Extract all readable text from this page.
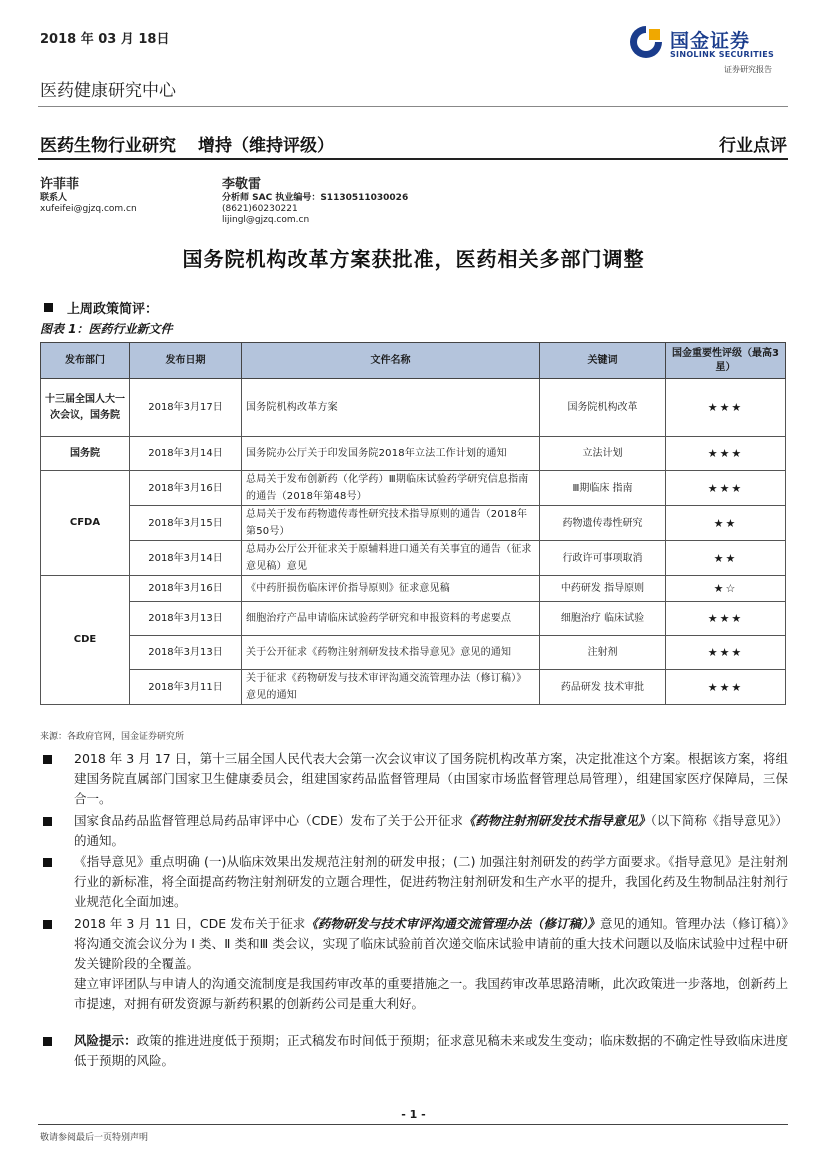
2018 年 03 月 18日	国金证券
SINOLINK SECURITIES
证券研究报告
医药健康研究中心
医药生物行业研究 增持（维持评级）	行业点评
许菲菲
联系人
xufeifei@gjzq.com.cn
李敬雷
分析师 SAC 执业编号：S1130511030026
(8621)60230221
lijingl@gjzq.com.cn
国务院机构改革方案获批准，医药相关多部门调整
上周政策简评：
图表 1：医药行业新文件
发布部门	发布日期	文件名称	关键词	国金重要性评级（最高3星）
十三届全国人大一次会议，国务院	2018年3月17日	国务院机构改革方案	国务院机构改革	★★★
国务院	2018年3月14日	国务院办公厅关于印发国务院2018年立法工作计划的通知	立法计划	★★★
CFDA	2018年3月16日	总局关于发布创新药（化学药）Ⅲ期临床试验药学研究信息指南的通告（2018年第48号）	Ⅲ期临床 指南	★★★
	2018年3月15日	总局关于发布药物遗传毒性研究技术指导原则的通告（2018年第50号）	药物遗传毒性研究	★★
	2018年3月14日	总局办公厅公开征求关于原辅料进口通关有关事宜的通告（征求意见稿）意见	行政许可事项取消	★★
CDE	2018年3月16日	《中药肝损伤临床评价指导原则》征求意见稿	中药研发 指导原则	★☆
	2018年3月13日	细胞治疗产品申请临床试验药学研究和申报资料的考虑要点	细胞治疗 临床试验	★★★
	2018年3月13日	关于公开征求《药物注射剂研发技术指导意见》意见的通知	注射剂	★★★
	2018年3月11日	关于征求《药物研发与技术审评沟通交流管理办法（修订稿）》意见的通知	药品研发 技术审批	★★★
来源：各政府官网，国金证券研究所
2018 年 3 月 17 日，第十三届全国人民代表大会第一次会议审议了国务院机构改革方案，决定批准这个方案。根据该方案，将组建国务院直属部门国家卫生健康委员会，组建国家药品监督管理局（由国家市场监督管理总局管理），组建国家医疗保障局，三保合一。
国家食品药品监督管理总局药品审评中心（CDE）发布了关于公开征求《药物注射剂研发技术指导意见》（以下简称《指导意见》）的通知。
《指导意见》重点明确 (一)从临床效果出发规范注射剂的研发申报；(二) 加强注射剂研发的药学方面要求。《指导意见》是注射剂行业的新标准，将全面提高药物注射剂研发的立题合理性，促进药物注射剂研发和生产水平的提升，我国化药及生物制品注射剂行业规范化全面加速。
2018 年 3 月 11 日，CDE 发布关于征求《药物研发与技术审评沟通交流管理办法（修订稿）》意见的通知。管理办法（修订稿）》将沟通交流会议分为 Ⅰ 类、Ⅱ 类和Ⅲ 类会议，实现了临床试验前首次递交临床试验申请前的重大技术问题以及临床试验中过程中研发关键阶段的全覆盖。
建立审评团队与申请人的沟通交流制度是我国药审改革的重要措施之一。我国药审改革思路清晰，此次政策进一步落地，创新药上市提速，对拥有研发资源与新药积累的创新药公司是重大利好。
风险提示：政策的推进进度低于预期；正式稿发布时间低于预期；征求意见稿未来或发生变动；临床数据的不确定性导致临床进度低于预期的风险。
- 1 -
敬请参阅最后一页特别声明
